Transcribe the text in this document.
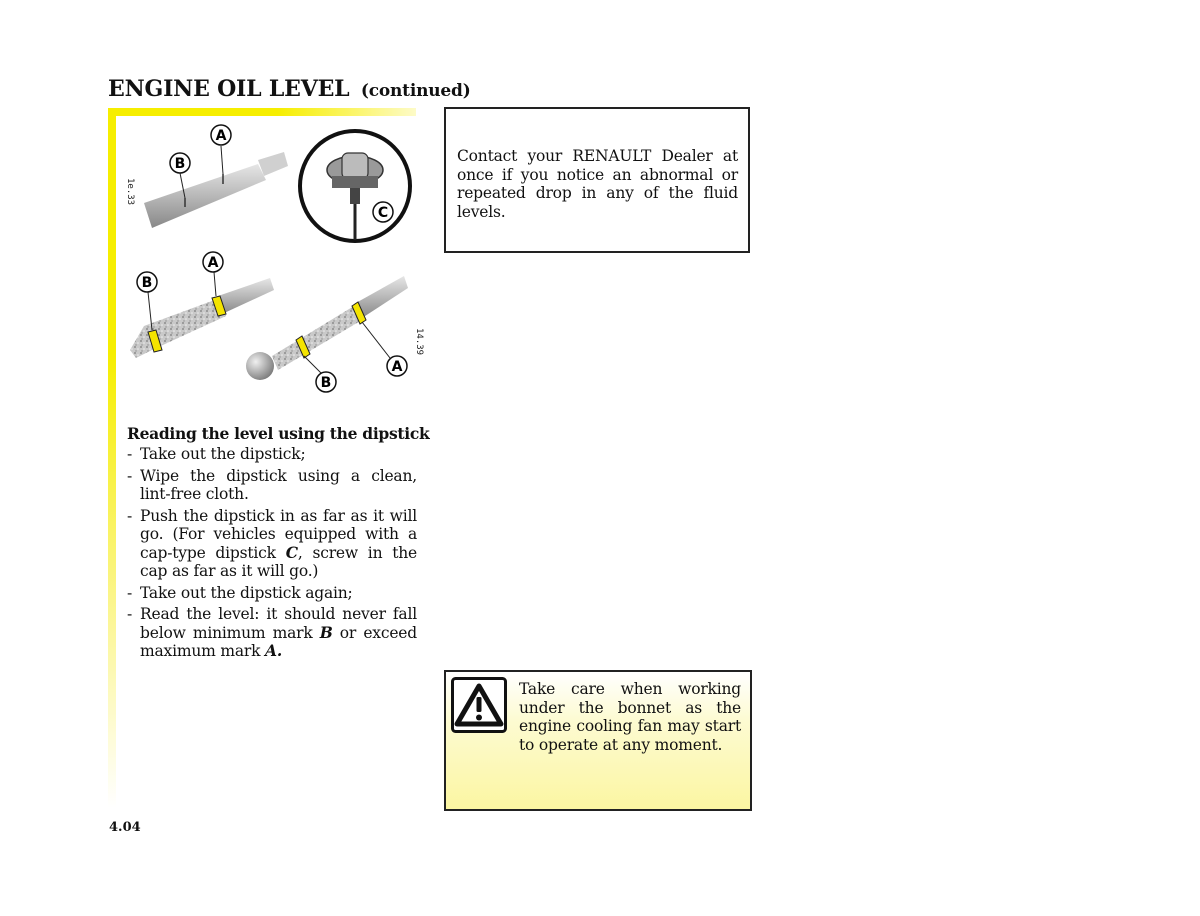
ENGINE OIL LEVEL (continued)
1e.33
14.39
A
B
C
A
B
A
B
Reading the level using the dipstick
- Take out the dipstick;
- Wipe the dipstick using a clean, lint-free cloth.
- Push the dipstick in as far as it will go. (For vehicles equipped with a cap-type dipstick C, screw in the cap as far as it will go.)
- Take out the dipstick again;
- Read the level: it should never fall below minimum mark B or exceed maximum mark A.

Contact your RENAULT Dealer at once if you notice an abnormal or repeated drop in any of the fluid levels.

Take care when working under the bonnet as the engine cooling fan may start to operate at any moment.

4.04
